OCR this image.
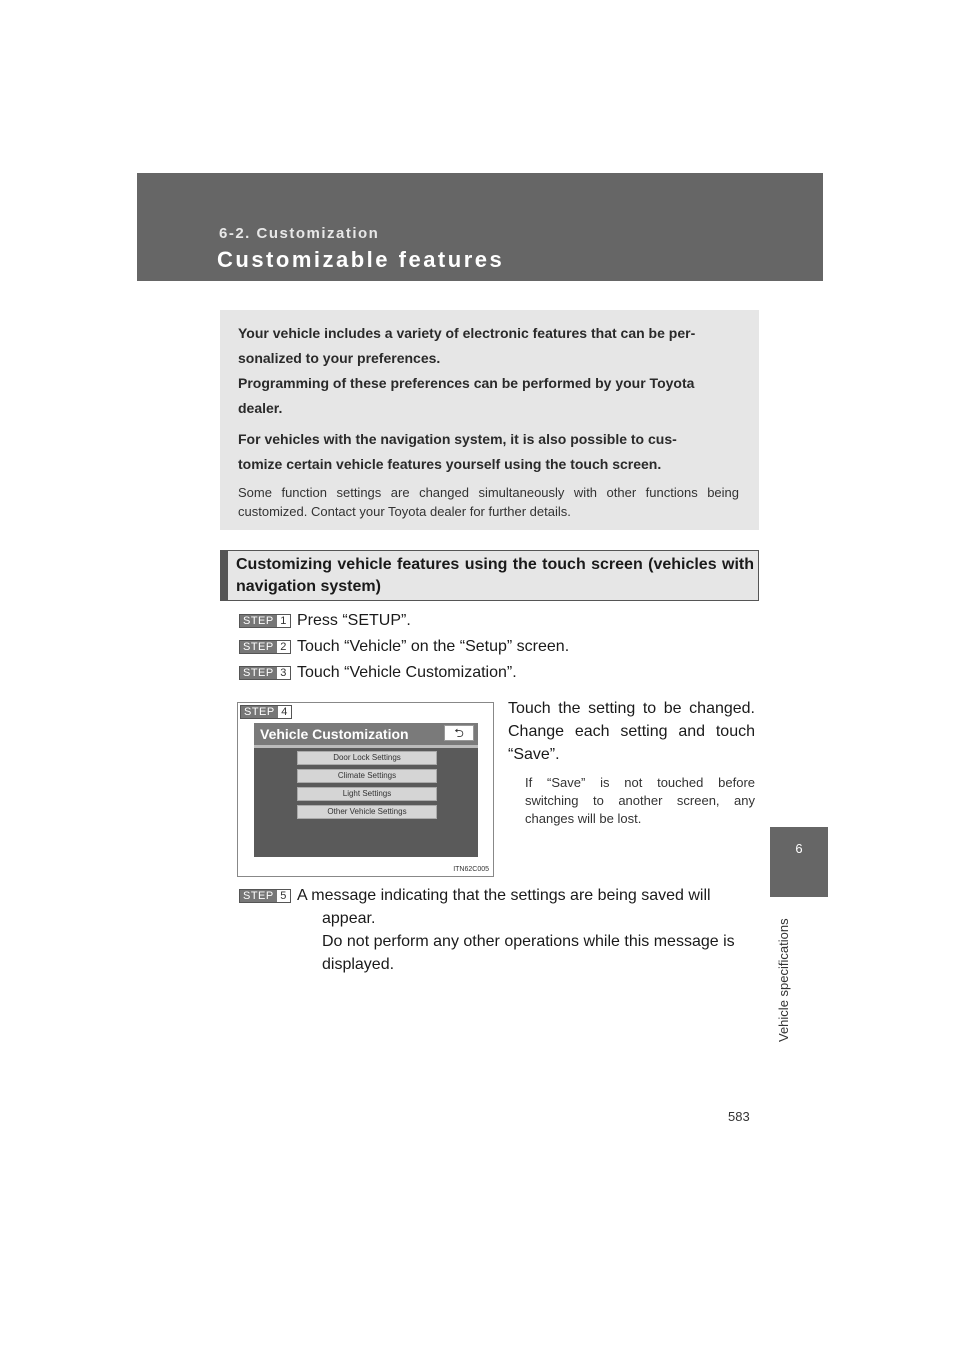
6-2. Customization
Customizable features
6
Vehicle specifications

Your vehicle includes a variety of electronic features that can be per-

sonalized to your preferences.

Programming of these preferences can be performed by your Toyota

dealer.

For vehicles with the navigation system, it is also possible to cus-

tomize certain vehicle features yourself using the touch screen.

Some function settings are changed simultaneously with other functions being customized. Contact your Toyota dealer for further details.
Customizing vehicle features using the touch screen (vehicles with navigation system)
STEP 1 Press “SETUP”.
STEP 2 Touch “Vehicle” on the “Setup” screen.
STEP 3 Touch “Vehicle Customization”.
STEP 4
Vehicle Customization	⮌
Door Lock Settings
Climate Settings
Light Settings
Other Vehicle Settings
ITN62C005
Touch the setting to be changed. Change each setting and touch “Save”.
If “Save” is not touched before switching to another screen, any changes will be lost.
STEP 5 A message indicating that the settings are being saved will
appear.
Do not perform any other operations while this message is
displayed.
583
